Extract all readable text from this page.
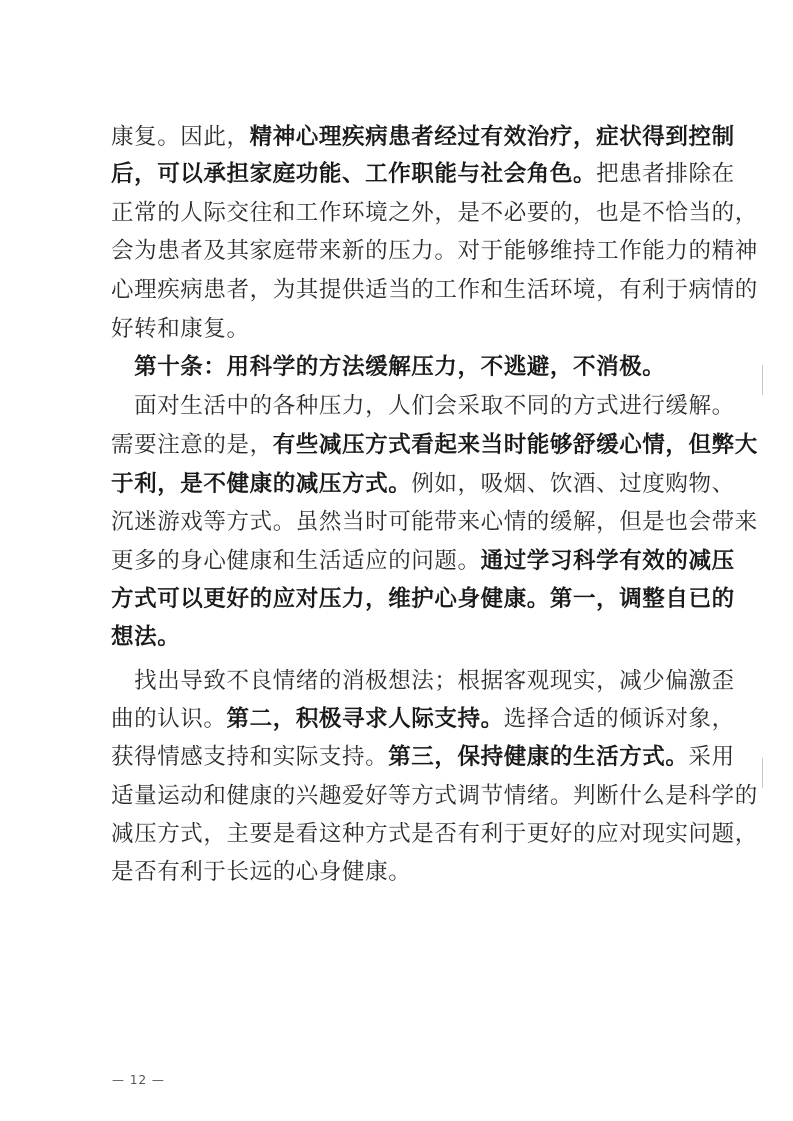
康复。因此，精神心理疾病患者经过有效治疗，症状得到控制
后，可以承担家庭功能、工作职能与社会角色。把患者排除在
正常的人际交往和工作环境之外，是不必要的，也是不恰当的，
会为患者及其家庭带来新的压力。对于能够维持工作能力的精神
心理疾病患者，为其提供适当的工作和生活环境，有利于病情的
好转和康复。
　第十条：用科学的方法缓解压力，不逃避，不消极。
　面对生活中的各种压力，人们会采取不同的方式进行缓解。
需要注意的是，有些减压方式看起来当时能够舒缓心情，但弊大
于利，是不健康的减压方式。例如，吸烟、饮酒、过度购物、
沉迷游戏等方式。虽然当时可能带来心情的缓解，但是也会带来
更多的身心健康和生活适应的问题。通过学习科学有效的减压
方式可以更好的应对压力，维护心身健康。第一，调整自已的
想法。
　找出导致不良情绪的消极想法；根据客观现实，减少偏激歪
曲的认识。第二，积极寻求人际支持。选择合适的倾诉对象，
获得情感支持和实际支持。第三，保持健康的生活方式。采用
适量运动和健康的兴趣爱好等方式调节情绪。判断什么是科学的
减压方式，主要是看这种方式是否有利于更好的应对现实问题，
是否有利于长远的心身健康。
— 12 —
